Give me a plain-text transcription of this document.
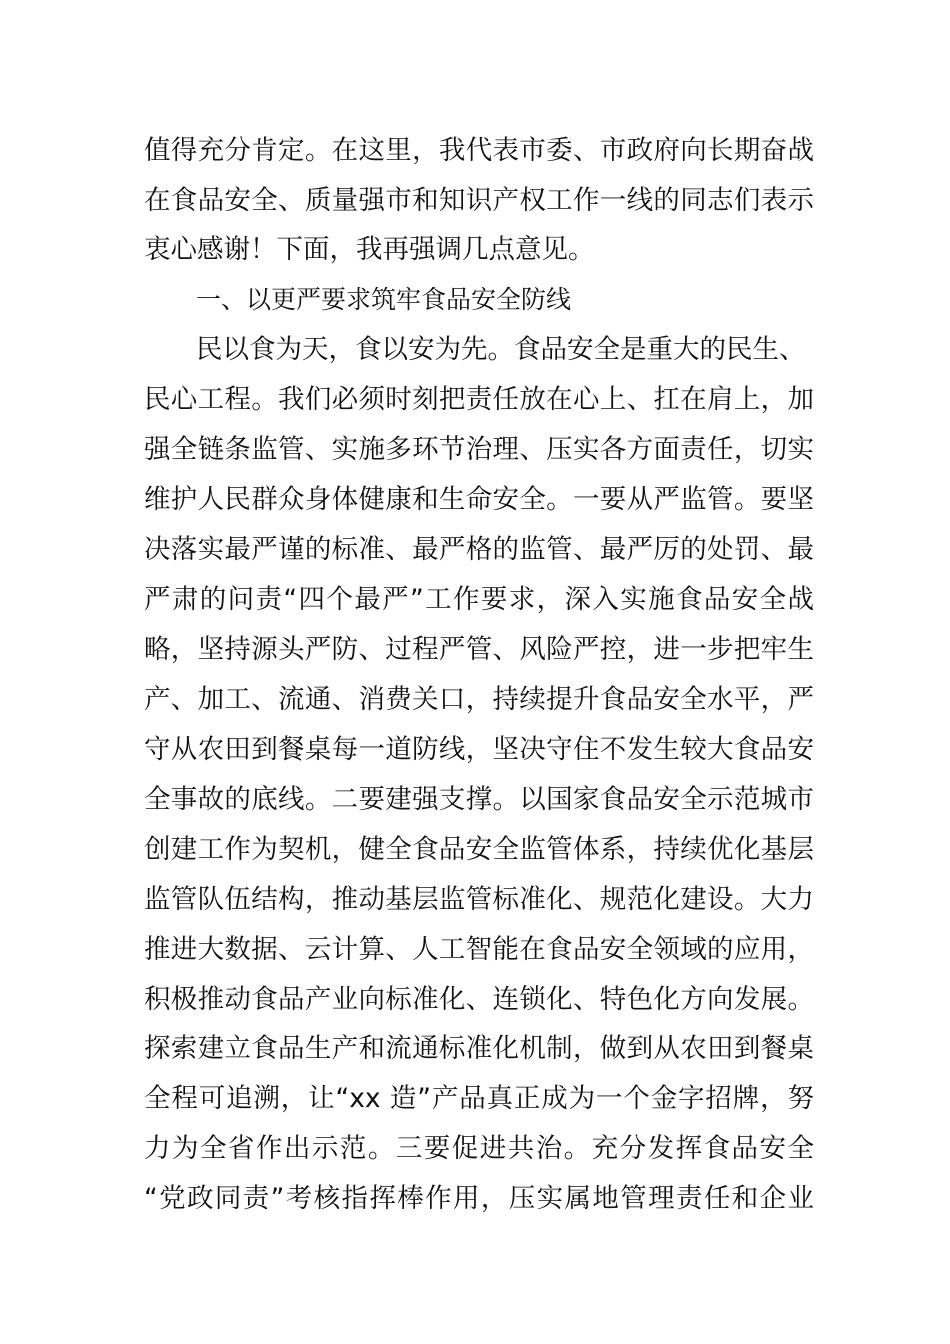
值得充分肯定。在这里，我代表市委、市政府向长期奋战
在食品安全、质量强市和知识产权工作一线的同志们表示
衷心感谢！下面，我再强调几点意见。
一、以更严要求筑牢食品安全防线
民以食为天，食以安为先。食品安全是重大的民生、
民心工程。我们必须时刻把责任放在心上、扛在肩上，加
强全链条监管、实施多环节治理、压实各方面责任，切实
维护人民群众身体健康和生命安全。一要从严监管。要坚
决落实最严谨的标准、最严格的监管、最严厉的处罚、最
严肃的问责“四个最严”工作要求，深入实施食品安全战
略，坚持源头严防、过程严管、风险严控，进一步把牢生
产、加工、流通、消费关口，持续提升食品安全水平，严
守从农田到餐桌每一道防线，坚决守住不发生较大食品安
全事故的底线。二要建强支撑。以国家食品安全示范城市
创建工作为契机，健全食品安全监管体系，持续优化基层
监管队伍结构，推动基层监管标准化、规范化建设。大力
推进大数据、云计算、人工智能在食品安全领域的应用，
积极推动食品产业向标准化、连锁化、特色化方向发展。
探索建立食品生产和流通标准化机制，做到从农田到餐桌
全程可追溯，让“xx 造”产品真正成为一个金字招牌，努
力为全省作出示范。三要促进共治。充分发挥食品安全
“党政同责”考核指挥棒作用，压实属地管理责任和企业
